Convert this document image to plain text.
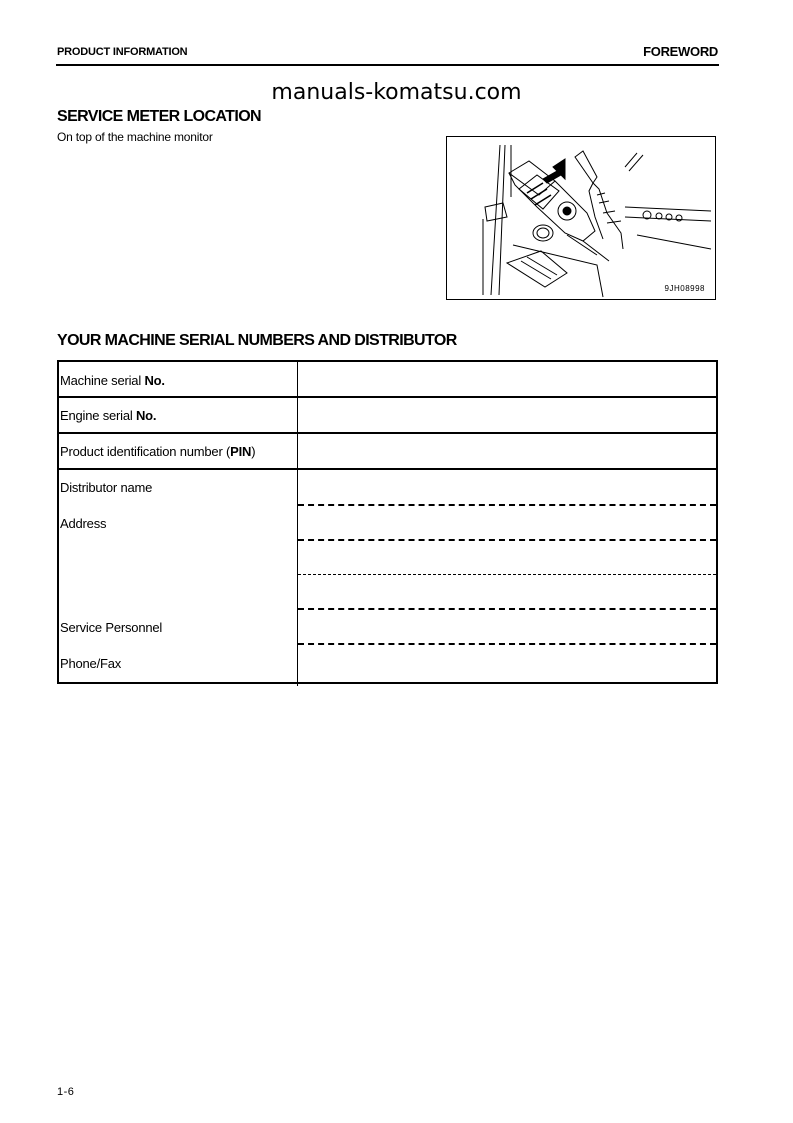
PRODUCT INFORMATION	FOREWORD
manuals-komatsu.com
SERVICE METER LOCATION
On top of the machine monitor
9JH08998
YOUR MACHINE SERIAL NUMBERS AND DISTRIBUTOR
Machine serial No.
Engine serial No.
Product identification number (PIN)
Distributor name
Address
Service Personnel
Phone/Fax
1-6
